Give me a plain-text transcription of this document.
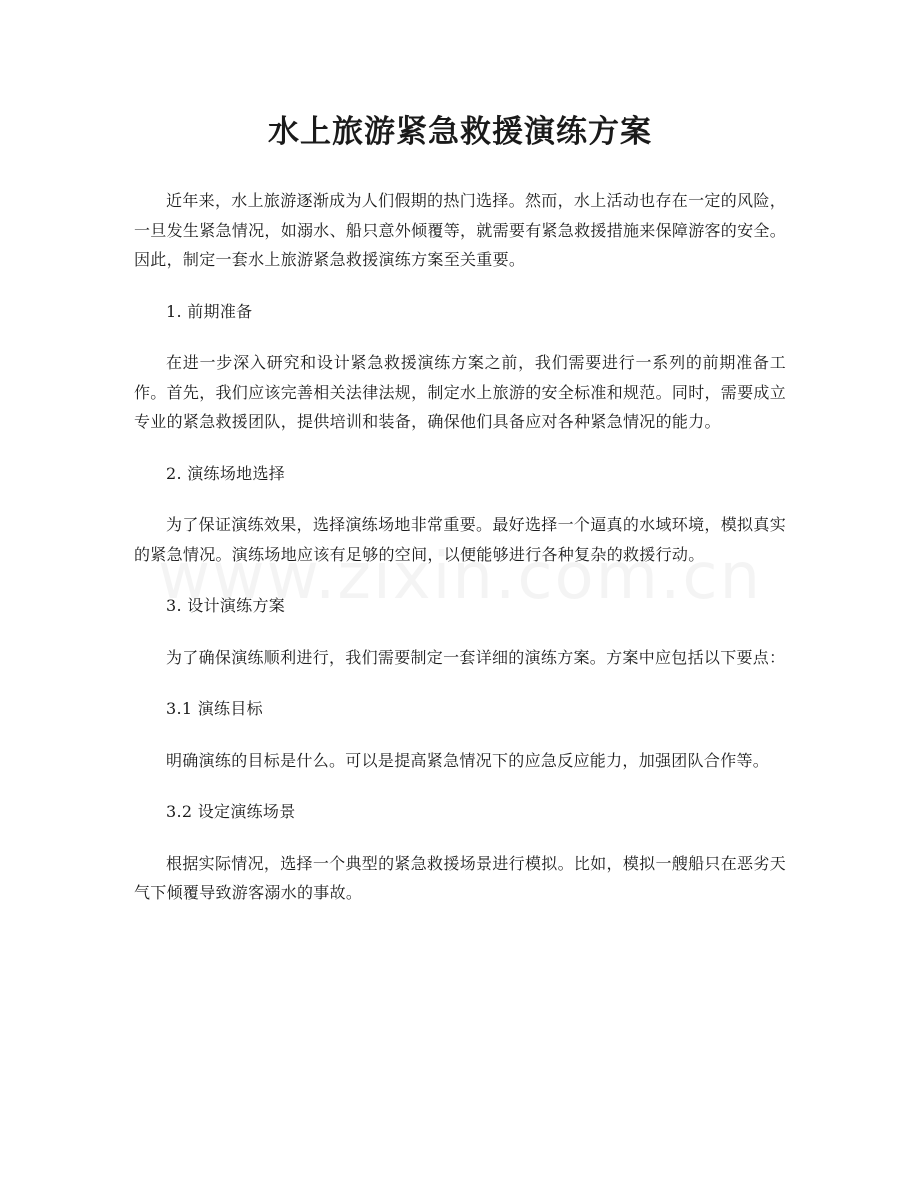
水上旅游紧急救援演练方案

近年来，水上旅游逐渐成为人们假期的热门选择。然而，水上活动也存在一定的风险，一旦发生紧急情况，如溺水、船只意外倾覆等，就需要有紧急救援措施来保障游客的安全。因此，制定一套水上旅游紧急救援演练方案至关重要。

1. 前期准备

在进一步深入研究和设计紧急救援演练方案之前，我们需要进行一系列的前期准备工作。首先，我们应该完善相关法律法规，制定水上旅游的安全标准和规范。同时，需要成立专业的紧急救援团队，提供培训和装备，确保他们具备应对各种紧急情况的能力。

2. 演练场地选择

为了保证演练效果，选择演练场地非常重要。最好选择一个逼真的水域环境，模拟真实的紧急情况。演练场地应该有足够的空间，以便能够进行各种复杂的救援行动。

3. 设计演练方案

为了确保演练顺利进行，我们需要制定一套详细的演练方案。方案中应包括以下要点：

3.1 演练目标

明确演练的目标是什么。可以是提高紧急情况下的应急反应能力，加强团队合作等。

3.2 设定演练场景

根据实际情况，选择一个典型的紧急救援场景进行模拟。比如，模拟一艘船只在恶劣天气下倾覆导致游客溺水的事故。
